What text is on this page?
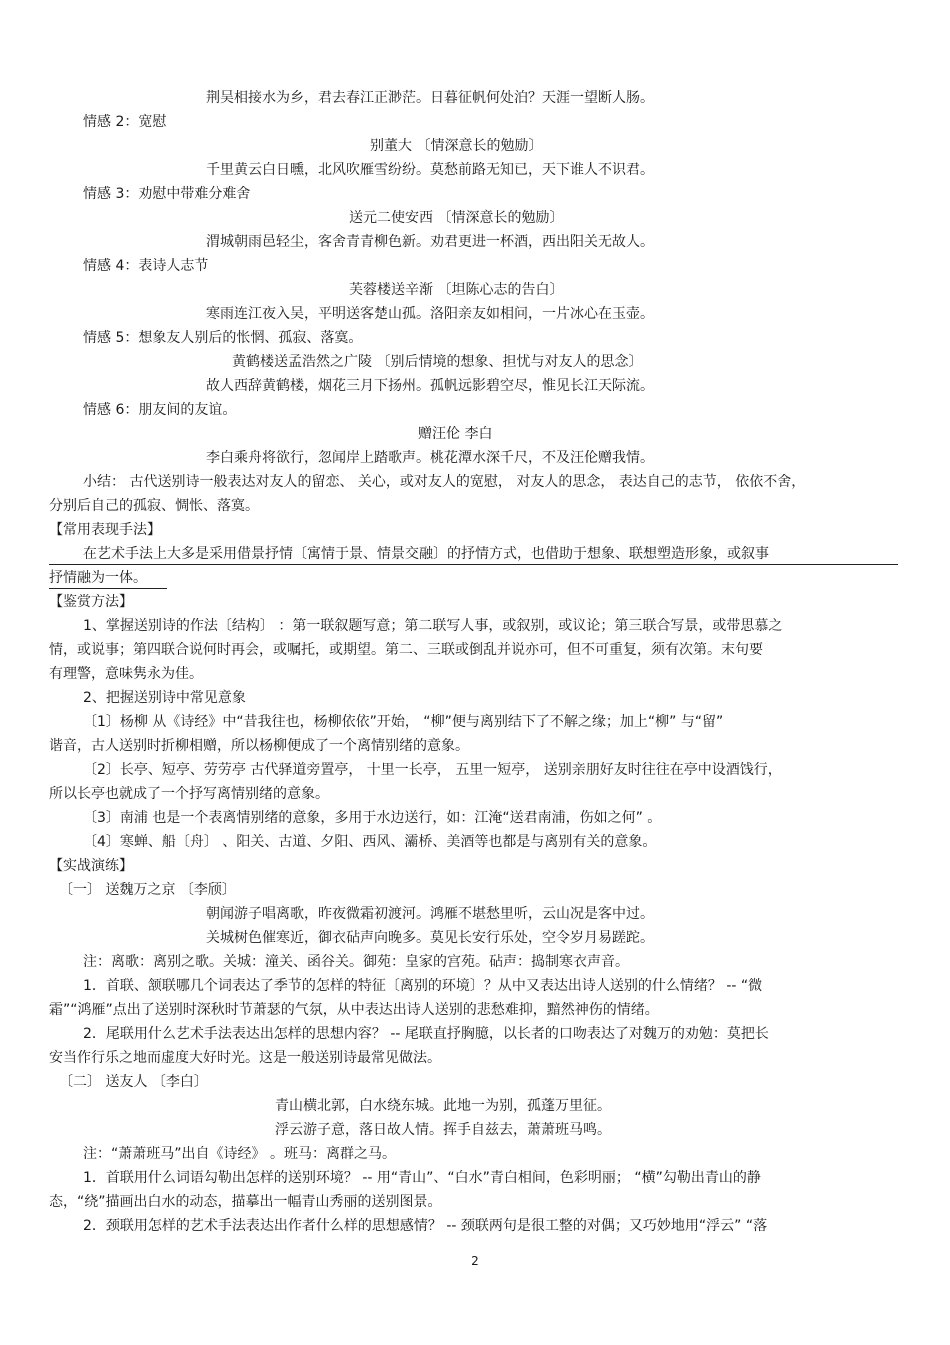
荆吴相接水为乡，君去春江正渺茫。日暮征帆何处泊？天涯一望断人肠。
情感 2：宽慰
别董大 〔情深意长的勉励〕
千里黄云白日曛，北风吹雁雪纷纷。莫愁前路无知已，天下谁人不识君。
情感 3：劝慰中带难分难舍
送元二使安西 〔情深意长的勉励〕
渭城朝雨邑轻尘，客舍青青柳色新。劝君更进一杯酒，西出阳关无故人。
情感 4：表诗人志节
芙蓉楼送辛渐 〔坦陈心志的告白〕
寒雨连江夜入吴，平明送客楚山孤。洛阳亲友如相问，一片冰心在玉壶。
情感 5：想象友人别后的怅惘、孤寂、落寞。
黄鹤楼送孟浩然之广陵 〔别后情境的想象、担忧与对友人的思念〕
故人西辞黄鹤楼，烟花三月下扬州。孤帆远影碧空尽，惟见长江天际流。
情感 6：朋友间的友谊。
赠汪伦 李白
李白乘舟将欲行，忽闻岸上踏歌声。桃花潭水深千尺，不及汪伦赠我情。
小结： 古代送别诗一般表达对友人的留恋、 关心，或对友人的宽慰， 对友人的思念， 表达自己的志节， 依依不舍，
分别后自己的孤寂、惆怅、落寞。
【常用表现手法】
在艺术手法上大多是采用借景抒情〔寓情于景、情景交融〕的抒情方式，也借助于想象、联想塑造形象，或叙事
抒情融为一体。
【鉴赏方法】
1、掌握送别诗的作法〔结构〕 ：第一联叙题写意；第二联写人事，或叙别，或议论；第三联合写景，或带思慕之
情，或说事；第四联合说何时再会，或嘱托，或期望。第二、三联或倒乱并说亦可，但不可重复，须有次第。末句要
有理警，意味隽永为佳。
2、把握送别诗中常见意象
〔1〕杨柳 从《诗经》中“昔我往也，杨柳依依”开始， “柳”便与离别结下了不解之缘；加上“柳” 与“留”
谐音，古人送别时折柳相赠，所以杨柳便成了一个离情别绪的意象。
〔2〕长亭、短亭、劳劳亭 古代驿道旁置亭， 十里一长亭， 五里一短亭， 送别亲朋好友时往往在亭中设酒饯行，
所以长亭也就成了一个抒写离情别绪的意象。
〔3〕南浦 也是一个表离情别绪的意象，多用于水边送行，如：江淹“送君南浦，伤如之何” 。
〔4〕寒蝉、船〔舟〕 、阳关、古道、夕阳、西风、灞桥、美酒等也都是与离别有关的意象。
【实战演练】
〔一〕 送魏万之京 〔李颀〕
朝闻游子唱离歌，昨夜微霜初渡河。鸿雁不堪愁里听，云山况是客中过。
关城树色催寒近，御衣砧声向晚多。莫见长安行乐处，空令岁月易蹉跎。
注：离歌：离别之歌。关城：潼关、函谷关。御苑：皇家的宫苑。砧声：捣制寒衣声音。
1．首联、颔联哪几个词表达了季节的怎样的特征〔离别的环境〕？从中又表达出诗人送别的什么情绪？ -- “微
霜”“鸿雁”点出了送别时深秋时节萧瑟的气氛，从中表达出诗人送别的悲愁难抑，黯然神伤的情绪。
2．尾联用什么艺术手法表达出怎样的思想内容？ -- 尾联直抒胸臆，以长者的口吻表达了对魏万的劝勉：莫把长
安当作行乐之地而虚度大好时光。这是一般送别诗最常见做法。
〔二〕 送友人 〔李白〕
青山横北郭，白水绕东城。此地一为别，孤蓬万里征。
浮云游子意，落日故人情。挥手自兹去，萧萧班马鸣。
注：“萧萧班马”出自《诗经》 。班马：离群之马。
1．首联用什么词语勾勒出怎样的送别环境？ -- 用“青山”、“白水”青白相间，色彩明丽； “横”勾勒出青山的静
态，“绕”描画出白水的动态，描摹出一幅青山秀丽的送别图景。
2．颈联用怎样的艺术手法表达出作者什么样的思想感情？ -- 颈联两句是很工整的对偶；又巧妙地用“浮云” “落
2
